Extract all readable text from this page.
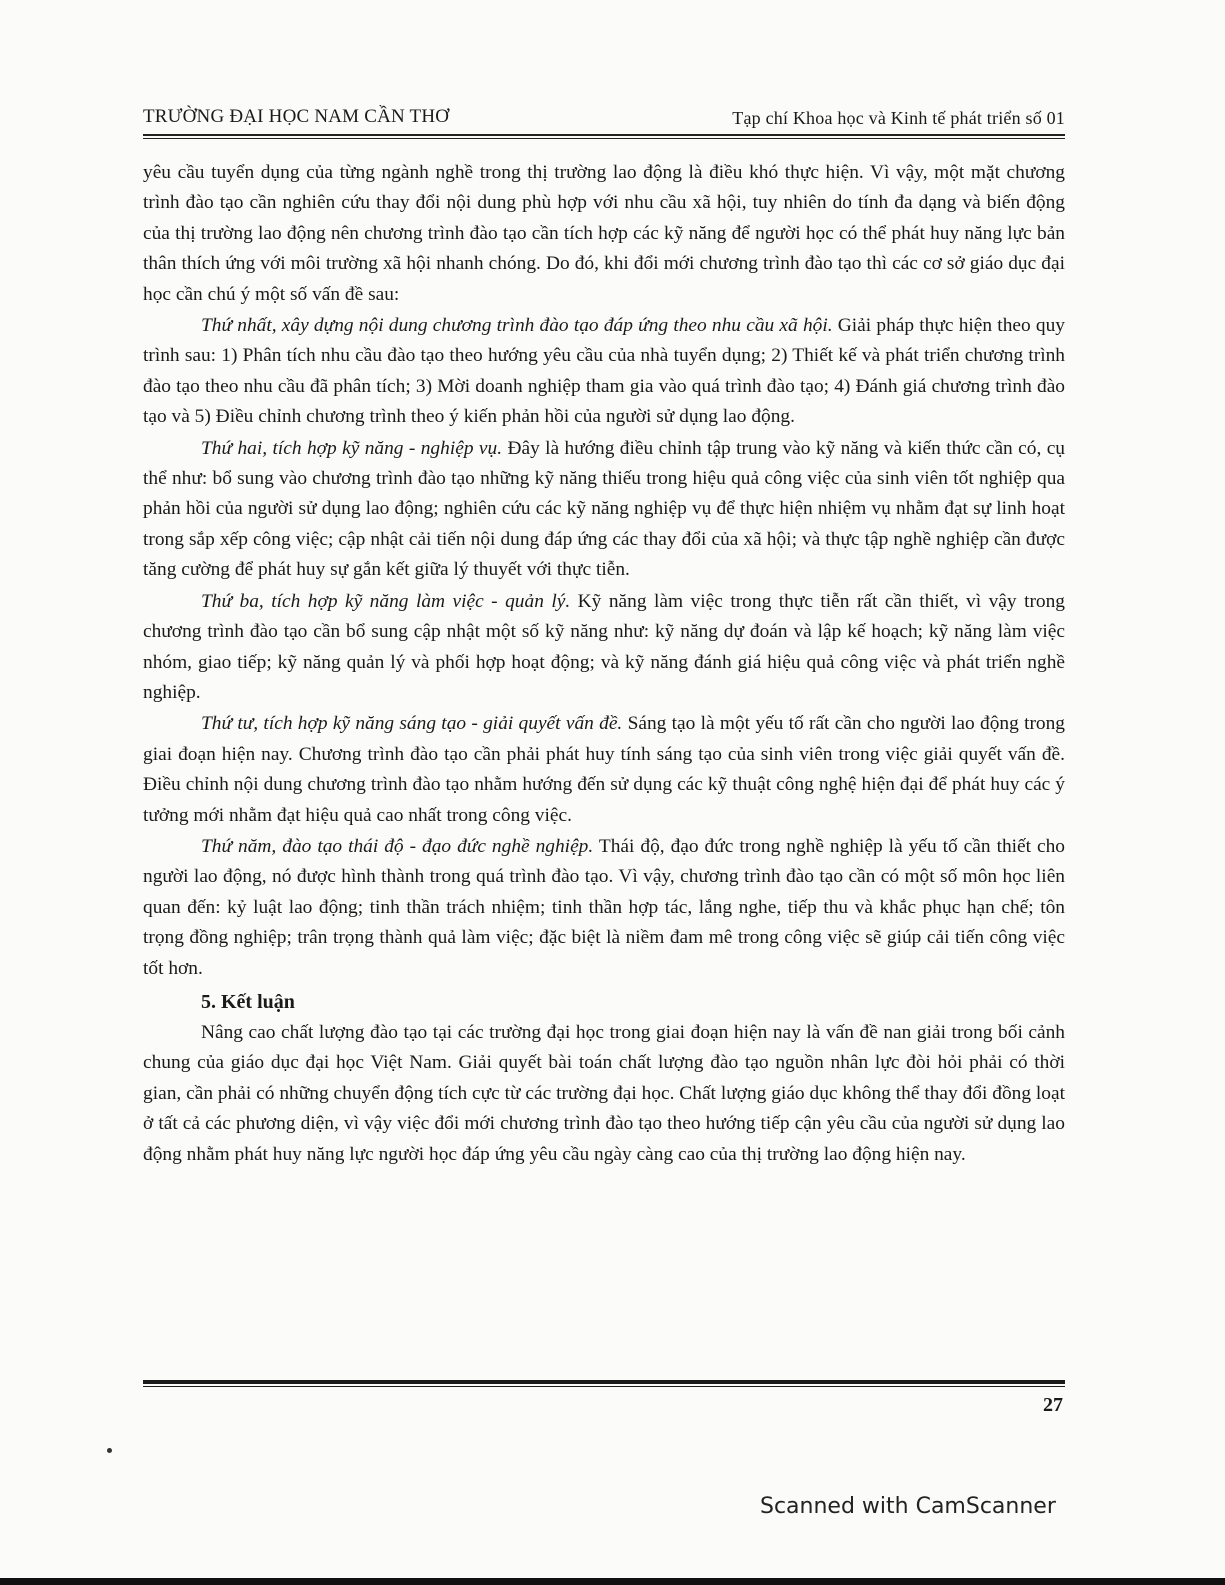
TRƯỜNG ĐẠI HỌC NAM CẦN THƠ	Tạp chí Khoa học và Kinh tế phát triển số 01

yêu cầu tuyển dụng của từng ngành nghề trong thị trường lao động là điều khó thực hiện. Vì vậy, một mặt chương trình đào tạo cần nghiên cứu thay đổi nội dung phù hợp với nhu cầu xã hội, tuy nhiên do tính đa dạng và biến động của thị trường lao động nên chương trình đào tạo cần tích hợp các kỹ năng để người học có thể phát huy năng lực bản thân thích ứng với môi trường xã hội nhanh chóng. Do đó, khi đổi mới chương trình đào tạo thì các cơ sở giáo dục đại học cần chú ý một số vấn đề sau:

Thứ nhất, xây dựng nội dung chương trình đào tạo đáp ứng theo nhu cầu xã hội. Giải pháp thực hiện theo quy trình sau: 1) Phân tích nhu cầu đào tạo theo hướng yêu cầu của nhà tuyển dụng; 2) Thiết kế và phát triển chương trình đào tạo theo nhu cầu đã phân tích; 3) Mời doanh nghiệp tham gia vào quá trình đào tạo; 4) Đánh giá chương trình đào tạo và 5) Điều chỉnh chương trình theo ý kiến phản hồi của người sử dụng lao động.

Thứ hai, tích hợp kỹ năng - nghiệp vụ. Đây là hướng điều chỉnh tập trung vào kỹ năng và kiến thức cần có, cụ thể như: bổ sung vào chương trình đào tạo những kỹ năng thiếu trong hiệu quả công việc của sinh viên tốt nghiệp qua phản hồi của người sử dụng lao động; nghiên cứu các kỹ năng nghiệp vụ để thực hiện nhiệm vụ nhằm đạt sự linh hoạt trong sắp xếp công việc; cập nhật cải tiến nội dung đáp ứng các thay đổi của xã hội; và thực tập nghề nghiệp cần được tăng cường để phát huy sự gắn kết giữa lý thuyết với thực tiễn.

Thứ ba, tích hợp kỹ năng làm việc - quản lý. Kỹ năng làm việc trong thực tiễn rất cần thiết, vì vậy trong chương trình đào tạo cần bổ sung cập nhật một số kỹ năng như: kỹ năng dự đoán và lập kế hoạch; kỹ năng làm việc nhóm, giao tiếp; kỹ năng quản lý và phối hợp hoạt động; và kỹ năng đánh giá hiệu quả công việc và phát triển nghề nghiệp.

Thứ tư, tích hợp kỹ năng sáng tạo - giải quyết vấn đề. Sáng tạo là một yếu tố rất cần cho người lao động trong giai đoạn hiện nay. Chương trình đào tạo cần phải phát huy tính sáng tạo của sinh viên trong việc giải quyết vấn đề. Điều chỉnh nội dung chương trình đào tạo nhằm hướng đến sử dụng các kỹ thuật công nghệ hiện đại để phát huy các ý tưởng mới nhằm đạt hiệu quả cao nhất trong công việc.

Thứ năm, đào tạo thái độ - đạo đức nghề nghiệp. Thái độ, đạo đức trong nghề nghiệp là yếu tố cần thiết cho người lao động, nó được hình thành trong quá trình đào tạo. Vì vậy, chương trình đào tạo cần có một số môn học liên quan đến: kỷ luật lao động; tinh thần trách nhiệm; tinh thần hợp tác, lắng nghe, tiếp thu và khắc phục hạn chế; tôn trọng đồng nghiệp; trân trọng thành quả làm việc; đặc biệt là niềm đam mê trong công việc sẽ giúp cải tiến công việc tốt hơn.

5. Kết luận

Nâng cao chất lượng đào tạo tại các trường đại học trong giai đoạn hiện nay là vấn đề nan giải trong bối cảnh chung của giáo dục đại học Việt Nam. Giải quyết bài toán chất lượng đào tạo nguồn nhân lực đòi hỏi phải có thời gian, cần phải có những chuyển động tích cực từ các trường đại học. Chất lượng giáo dục không thể thay đổi đồng loạt ở tất cả các phương diện, vì vậy việc đổi mới chương trình đào tạo theo hướng tiếp cận yêu cầu của người sử dụng lao động nhằm phát huy năng lực người học đáp ứng yêu cầu ngày càng cao của thị trường lao động hiện nay.

27
Scanned with CamScanner
